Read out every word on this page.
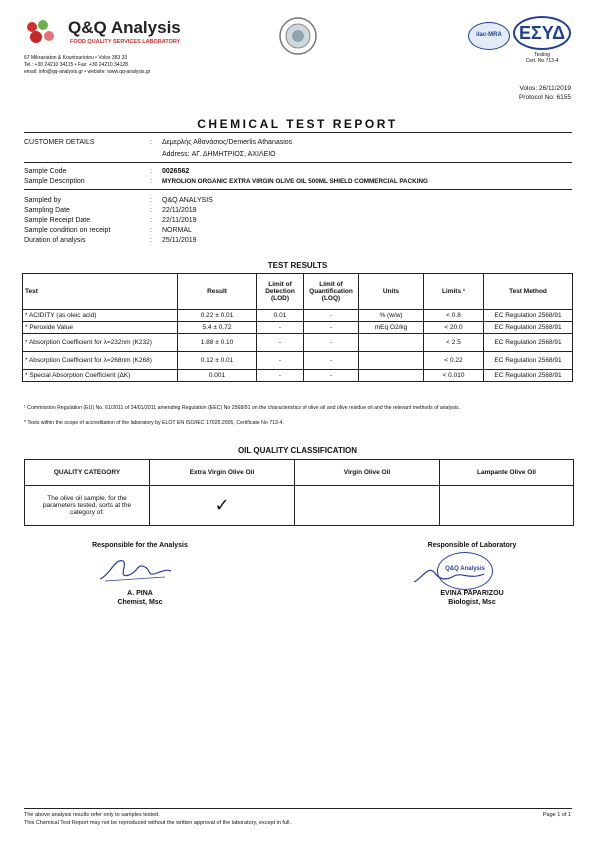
Q&Q Analysis
FOOD QUALITY SERVICES LABORATORY
67 Mikrasiaton & Kountouriotou • Volos 383 33
Tel.: +30 24210 34115 • Fax: +30 24210 34128
email: info@qq-analysis.gr • website: www.qq-analysis.gr
ilac-MRA ΕΣΥΔ
Testing
Cert. No 713-4
Volos: 26/11/2019
Protocol No: 6155
CHEMICAL TEST REPORT
CUSTOMER DETAILS	: Δεμερλής Αθανάσιος/Demerlis Athanasios
Address: ΑΓ. ΔΗΜΗΤΡΙΟΣ, ΑΧΙΛΕΙΟ
Sample Code	: 0026562
Sample Description	: MYROLION ORGANIC EXTRA VIRGIN OLIVE OIL 500ML SHIELD COMMERCIAL PACKING
Sampled by	: Q&Q ANALYSIS
Sampling Date	: 22/11/2019
Sample Receipt Date	: 22/11/2019
Sample condition on receipt	: NORMAL
Duration of analysis	: 25/11/2019
TEST RESULTS
Test	Result	Limit of Detection (LOD)	Limit of Quantification (LOQ)	Units	Limits ¹	Test Method
* ACIDITY (as oleic acid)	0.22 ± 0.01	0.01	-	% (w/w)	< 0.8	EC Regulation 2568/91
* Peroxide Value	5.4 ± 0.72	-	-	mEq O2/kg	< 20.0	EC Regulation 2568/91
* Absorption Coefficient for λ=232nm (K232)	1.88 ± 0.10	-	-		< 2.5	EC Regulation 2568/91
* Absorption Coefficient for λ=268nm (K268)	0.12 ± 0.01	-	-		< 0.22	EC Regulation 2568/91
* Special Absorption Coefficient (ΔK)	0.001	-	-		< 0.010	EC Regulation 2568/91
¹ Commission Regulation (EU) No. 61/2011 of 24/01/2011 amending Regulation (EEC) No 2568/91 on the characteristics of olive oil and olive residue oil and the relevant methods of analysis.
* Tests within the scope of accreditation of the laboratory by ELOT EN ISO/IEC 17025:2005, Certificate No 713-4.
OIL QUALITY CLASSIFICATION
QUALITY CATEGORY	Extra Virgin Olive Oil	Virgin Olive Oil	Lampante Olive Oil
The olive oil sample, for the parameters tested, sorts at the category of:	✓		
Responsible for the Analysis
A. PINA
Chemist, Msc
Responsible of Laboratory
Q&Q Analysis
EVINA PAPARIZOU
Biologist, Msc
The above analysis results refer only to samples tested.
This Chemical Test Report may not be reproduced without the written approval of the laboratory, except in full.
Page 1 of 1
